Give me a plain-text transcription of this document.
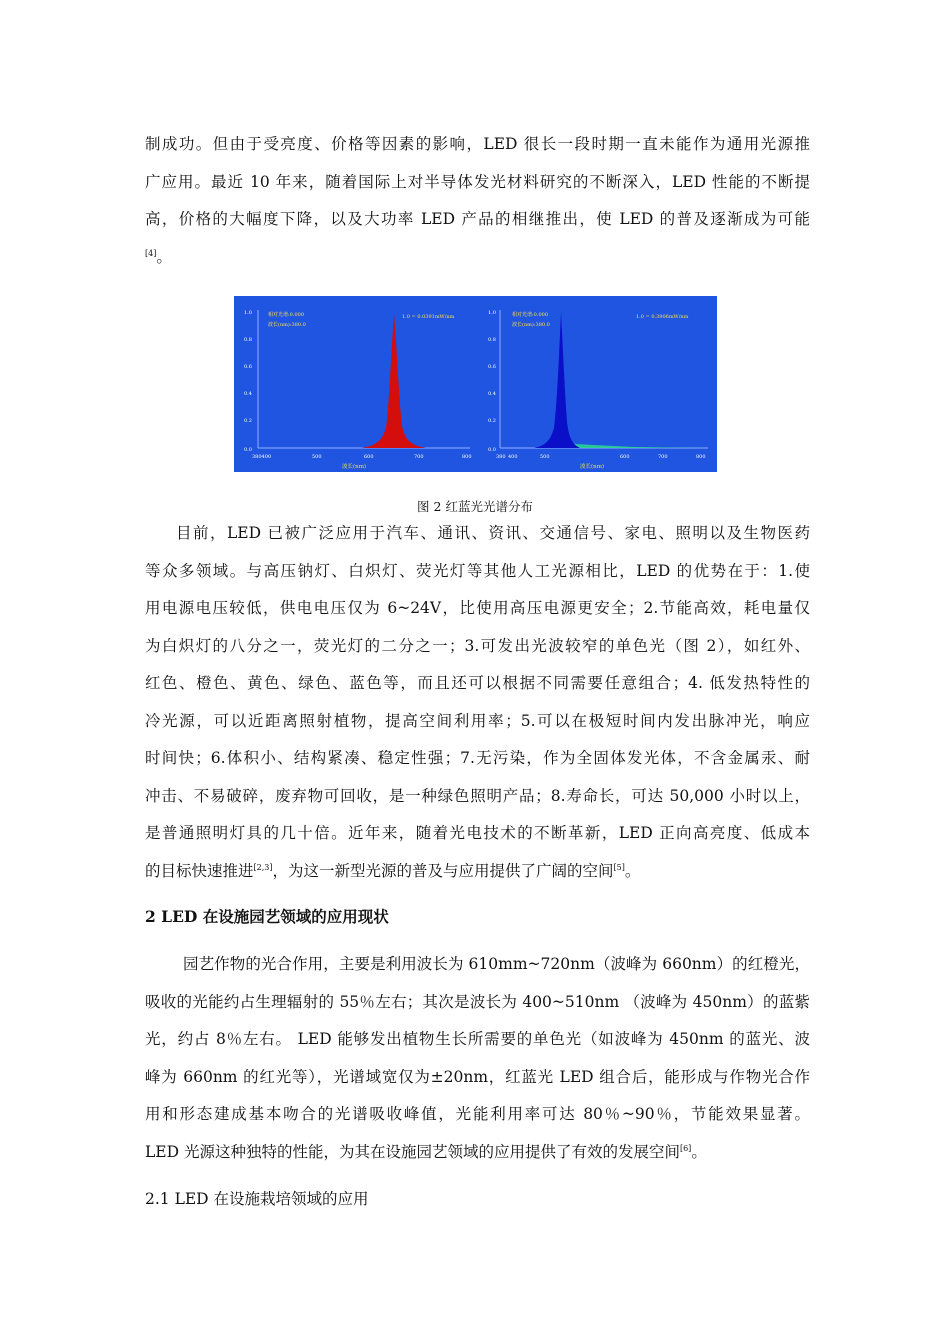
制成功。但由于受亮度、价格等因素的影响，LED 很长一段时期一直未能作为通用光源推
广应用。最近 10 年来，随着国际上对半导体发光材料研究的不断深入，LED 性能的不断提
高，价格的大幅度下降，以及大功率 LED 产品的相继推出，使 LED 的普及逐渐成为可能
[4]。
1.0
0.8
0.6
0.4
0.2
0.0
380400	500	600	700	800
波长(nm)
相对光谱:0.000
波长(nm):380.0
1.0 = 0.0391mW/nm
1.0
0.8
0.6
0.4
0.2
0.0
380 400	500	600	700	800
波长(nm)
相对光谱:0.000
波长(nm):380.0
1.0 = 0.3906mW/nm
图 2 红蓝光光谱分布
目前，LED 已被广泛应用于汽车、通讯、资讯、交通信号、家电、照明以及生物医药
等众多领域。与高压钠灯、白炽灯、荧光灯等其他人工光源相比，LED 的优势在于：1.使
用电源电压较低，供电电压仅为 6~24V，比使用高压电源更安全；2.节能高效，耗电量仅
为白炽灯的八分之一，荧光灯的二分之一；3.可发出光波较窄的单色光（图 2），如红外、
红色、橙色、黄色、绿色、蓝色等，而且还可以根据不同需要任意组合；4. 低发热特性的
冷光源，可以近距离照射植物，提高空间利用率；5.可以在极短时间内发出脉冲光，响应
时间快；6.体积小、结构紧凑、稳定性强；7.无污染，作为全固体发光体，不含金属汞、耐
冲击、不易破碎，废弃物可回收，是一种绿色照明产品；8.寿命长，可达 50,000 小时以上，
是普通照明灯具的几十倍。近年来，随着光电技术的不断革新，LED 正向高亮度、低成本
的目标快速推进[2,3]，为这一新型光源的普及与应用提供了广阔的空间[5]。
2 LED 在设施园艺领域的应用现状
园艺作物的光合作用，主要是利用波长为 610mm~720nm（波峰为 660nm）的红橙光，
吸收的光能约占生理辐射的 55％左右；其次是波长为 400~510nm （波峰为 450nm）的蓝紫
光，约占 8％左右。 LED 能够发出植物生长所需要的单色光（如波峰为 450nm 的蓝光、波
峰为 660nm 的红光等），光谱域宽仅为±20nm，红蓝光 LED 组合后，能形成与作物光合作
用和形态建成基本吻合的光谱吸收峰值，光能利用率可达 80％~90％，节能效果显著。
LED 光源这种独特的性能，为其在设施园艺领域的应用提供了有效的发展空间[6]。
2.1 LED 在设施栽培领域的应用
